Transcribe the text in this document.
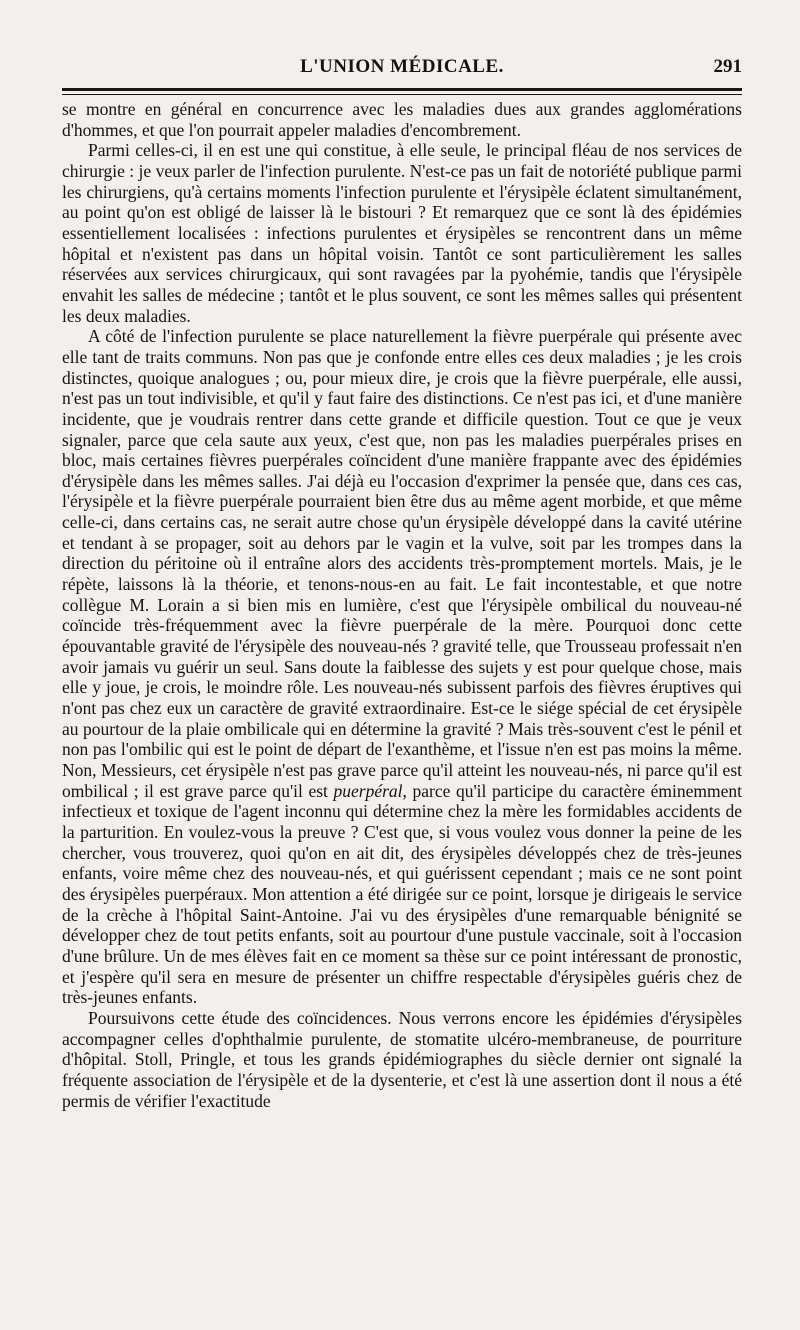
L'UNION MÉDICALE.	291

se montre en général en concurrence avec les maladies dues aux grandes agglomérations d'hommes, et que l'on pourrait appeler maladies d'encombrement.

Parmi celles-ci, il en est une qui constitue, à elle seule, le principal fléau de nos services de chirurgie : je veux parler de l'infection purulente. N'est-ce pas un fait de notoriété publique parmi les chirurgiens, qu'à certains moments l'infection purulente et l'érysipèle éclatent simultanément, au point qu'on est obligé de laisser là le bistouri ? Et remarquez que ce sont là des épidémies essentiellement localisées : infections purulentes et érysipèles se rencontrent dans un même hôpital et n'existent pas dans un hôpital voisin. Tantôt ce sont particulièrement les salles réservées aux services chirurgicaux, qui sont ravagées par la pyohémie, tandis que l'érysipèle envahit les salles de médecine ; tantôt et le plus souvent, ce sont les mêmes salles qui présentent les deux maladies.

A côté de l'infection purulente se place naturellement la fièvre puerpérale qui présente avec elle tant de traits communs. Non pas que je confonde entre elles ces deux maladies ; je les crois distinctes, quoique analogues ; ou, pour mieux dire, je crois que la fièvre puerpérale, elle aussi, n'est pas un tout indivisible, et qu'il y faut faire des distinctions. Ce n'est pas ici, et d'une manière incidente, que je voudrais rentrer dans cette grande et difficile question. Tout ce que je veux signaler, parce que cela saute aux yeux, c'est que, non pas les maladies puerpérales prises en bloc, mais certaines fièvres puerpérales coïncident d'une manière frappante avec des épidémies d'érysipèle dans les mêmes salles. J'ai déjà eu l'occasion d'exprimer la pensée que, dans ces cas, l'érysipèle et la fièvre puerpérale pourraient bien être dus au même agent morbide, et que même celle-ci, dans certains cas, ne serait autre chose qu'un érysipèle développé dans la cavité utérine et tendant à se propager, soit au dehors par le vagin et la vulve, soit par les trompes dans la direction du péritoine où il entraîne alors des accidents très-promptement mortels. Mais, je le répète, laissons là la théorie, et tenons-nous-en au fait. Le fait incontestable, et que notre collègue M. Lorain a si bien mis en lumière, c'est que l'érysipèle ombilical du nouveau-né coïncide très-fréquemment avec la fièvre puerpérale de la mère. Pourquoi donc cette épouvantable gravité de l'érysipèle des nouveau-nés ? gravité telle, que Trousseau professait n'en avoir jamais vu guérir un seul. Sans doute la faiblesse des sujets y est pour quelque chose, mais elle y joue, je crois, le moindre rôle. Les nouveau-nés subissent parfois des fièvres éruptives qui n'ont pas chez eux un caractère de gravité extraordinaire. Est-ce le siége spécial de cet érysipèle au pourtour de la plaie ombilicale qui en détermine la gravité ? Mais très-souvent c'est le pénil et non pas l'ombilic qui est le point de départ de l'exanthème, et l'issue n'en est pas moins la même. Non, Messieurs, cet érysipèle n'est pas grave parce qu'il atteint les nouveau-nés, ni parce qu'il est ombilical ; il est grave parce qu'il est puerpéral, parce qu'il participe du caractère éminemment infectieux et toxique de l'agent inconnu qui détermine chez la mère les formidables accidents de la parturition. En voulez-vous la preuve ? C'est que, si vous voulez vous donner la peine de les chercher, vous trouverez, quoi qu'on en ait dit, des érysipèles développés chez de très-jeunes enfants, voire même chez des nouveau-nés, et qui guérissent cependant ; mais ce ne sont point des érysipèles puerpéraux. Mon attention a été dirigée sur ce point, lorsque je dirigeais le service de la crèche à l'hôpital Saint-Antoine. J'ai vu des érysipèles d'une remarquable bénignité se développer chez de tout petits enfants, soit au pourtour d'une pustule vaccinale, soit à l'occasion d'une brûlure. Un de mes élèves fait en ce moment sa thèse sur ce point intéressant de pronostic, et j'espère qu'il sera en mesure de présenter un chiffre respectable d'érysipèles guéris chez de très-jeunes enfants.

Poursuivons cette étude des coïncidences. Nous verrons encore les épidémies d'érysipèles accompagner celles d'ophthalmie purulente, de stomatite ulcéro-membraneuse, de pourriture d'hôpital. Stoll, Pringle, et tous les grands épidémiographes du siècle dernier ont signalé la fréquente association de l'érysipèle et de la dysenterie, et c'est là une assertion dont il nous a été permis de vérifier l'exactitude
